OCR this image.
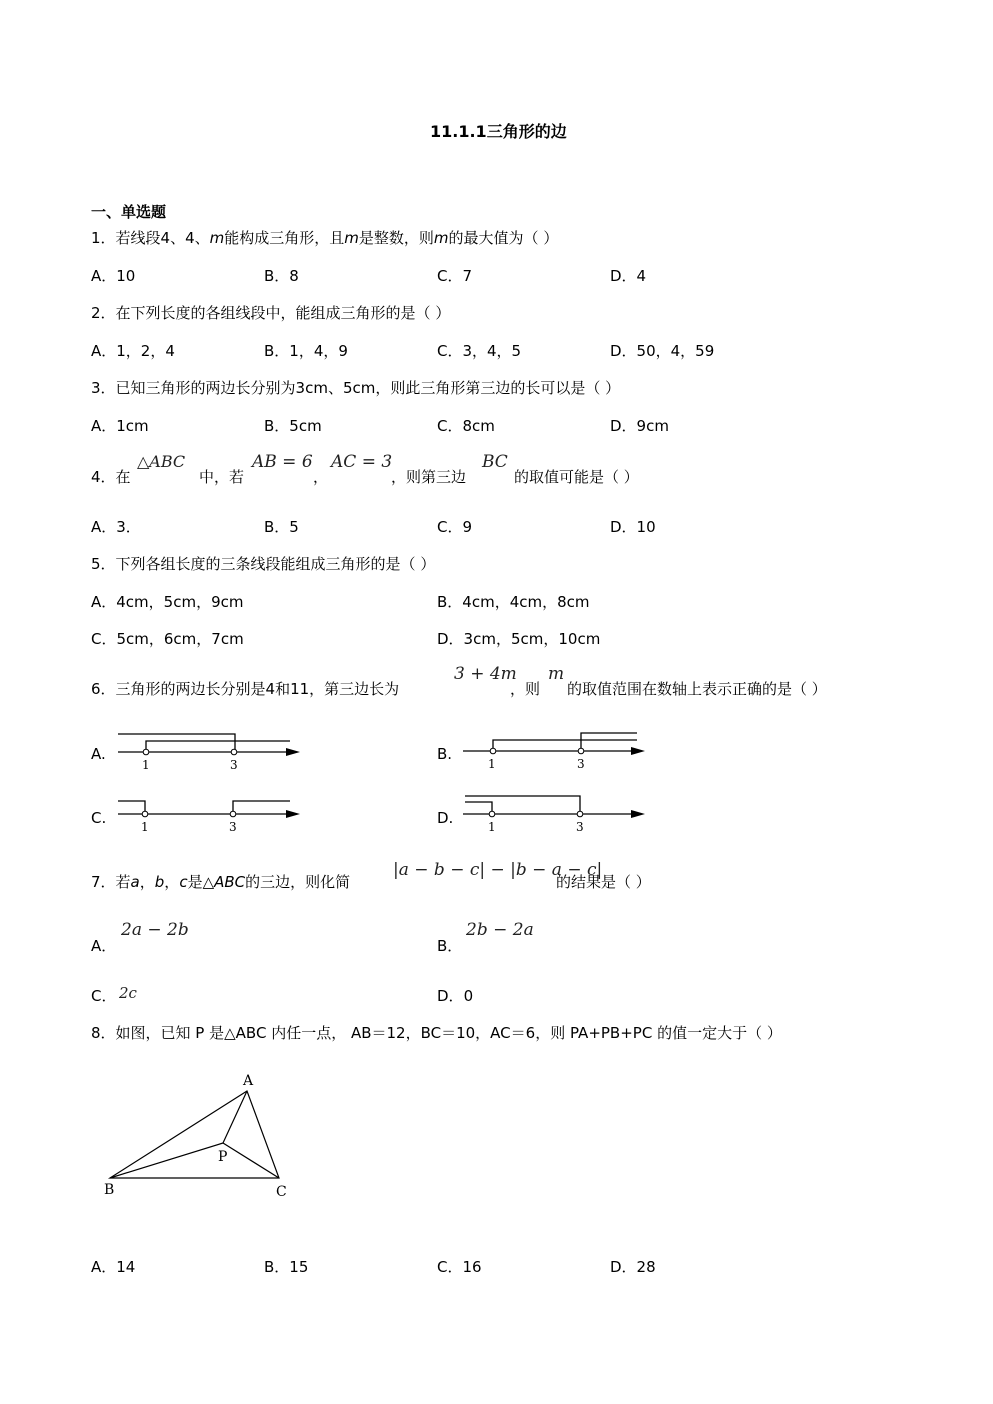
11.1.1三角形的边
一、单选题
1．若线段4、4、m能构成三角形，且m是整数，则m的最大值为（ ）
A．10	B．8	C．7	D．4
2．在下列长度的各组线段中，能组成三角形的是（ ）
A．1，2，4	B．1，4，9	C．3，4，5	D．50，4，59
3．已知三角形的两边长分别为3cm、5cm，则此三角形第三边的长可以是（ ）
A．1cm	B．5cm	C．8cm	D．9cm
4．在
△ABC
中，若
AB = 6
，
AC = 3
，则第三边
BC
的取值可能是（ ）
A．3．	B．5	C．9	D．10
5．下列各组长度的三条线段能组成三角形的是（ ）
A．4cm，5cm，9cm	B．4cm，4cm，8cm
C．5cm，6cm，7cm	D．3cm，5cm，10cm
6．三角形的两边长分别是4和11，第三边长为
3 + 4m
，则
m
的取值范围在数轴上表示正确的是（ ）
A.
1	3
B.
1	3
C.	1	3	D.	1	3
7．若a，b，c是△ABC的三边，则化简
|a − b − c| − |b − a − c|
的结果是（ ）
A．
2a − 2b
B．
2b − 2a
C． 2c	D．0
8．如图，已知 P 是△ABC 内任一点， AB＝12，BC＝10，AC＝6，则 PA+PB+PC 的值一定大于（ ）
A
B	C
P
A．14	B．15	C．16	D．28
